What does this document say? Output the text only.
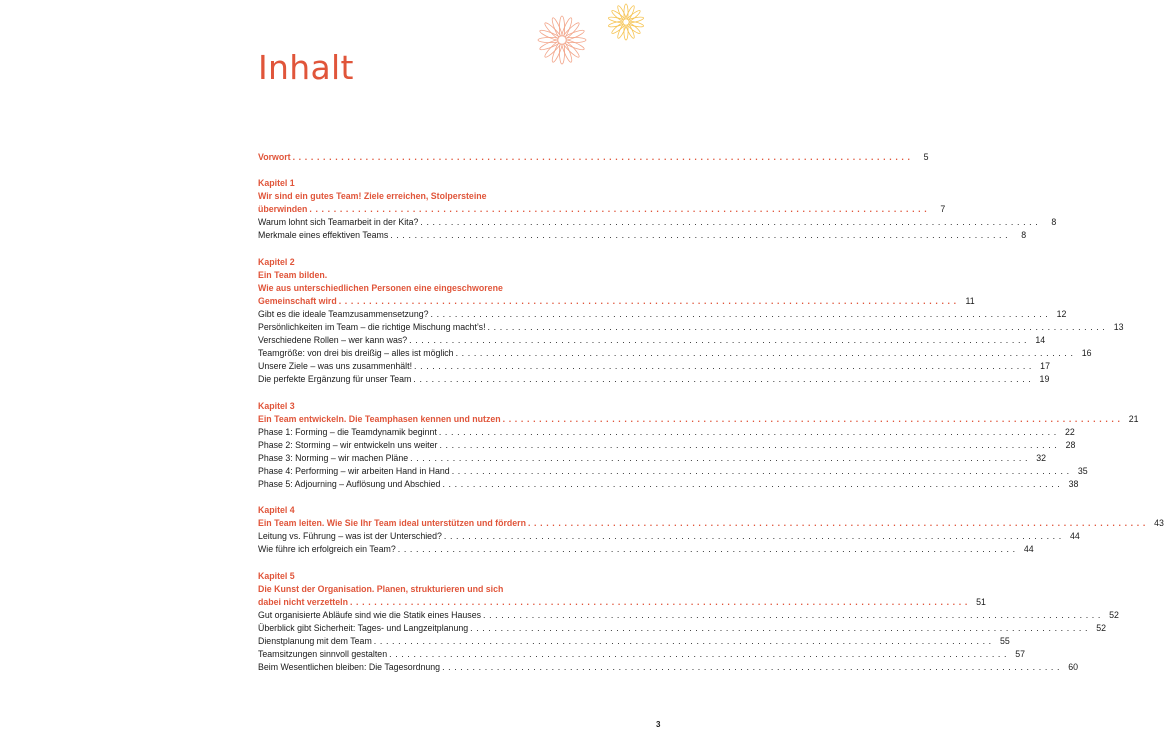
Inhalt
Vorwort . . .	5
Kapitel 1
Wir sind ein gutes Team! Ziele erreichen, Stolpersteine
überwinden . . .	7
Warum lohnt sich Teamarbeit in der Kita? . . .	8
Merkmale eines effektiven Teams . . .	8
Kapitel 2
Ein Team bilden.
Wie aus unterschiedlichen Personen eine eingeschworene
Gemeinschaft wird . . .	11
Gibt es die ideale Teamzusammensetzung? . . .	12
Persönlichkeiten im Team – die richtige Mischung macht’s! . . .	13
Verschiedene Rollen – wer kann was? . . .	14
Teamgröße: von drei bis dreißig – alles ist möglich . . .	16
Unsere Ziele – was uns zusammenhält! . . .	17
Die perfekte Ergänzung für unser Team . . .	19
Kapitel 3
Ein Team entwickeln. Die Teamphasen kennen und nutzen . . .	21
Phase 1: Forming – die Teamdynamik beginnt . . .	22
Phase 2: Storming – wir entwickeln uns weiter . . .	28
Phase 3: Norming – wir machen Pläne . . .	32
Phase 4: Performing – wir arbeiten Hand in Hand . . .	35
Phase 5: Adjourning – Auflösung und Abschied . . .	38
Kapitel 4
Ein Team leiten. Wie Sie Ihr Team ideal unterstützen und fördern . . .	43
Leitung vs. Führung – was ist der Unterschied? . . .	44
Wie führe ich erfolgreich ein Team? . . .	44
Kapitel 5
Die Kunst der Organisation. Planen, strukturieren und sich
dabei nicht verzetteln . . .	51
Gut organisierte Abläufe sind wie die Statik eines Hauses . . .	52
Überblick gibt Sicherheit: Tages- und Langzeitplanung . . .	52
Dienstplanung mit dem Team . . .	55
Teamsitzungen sinnvoll gestalten . . .	57
Beim Wesentlichen bleiben: Die Tagesordnung . . .	60
3
